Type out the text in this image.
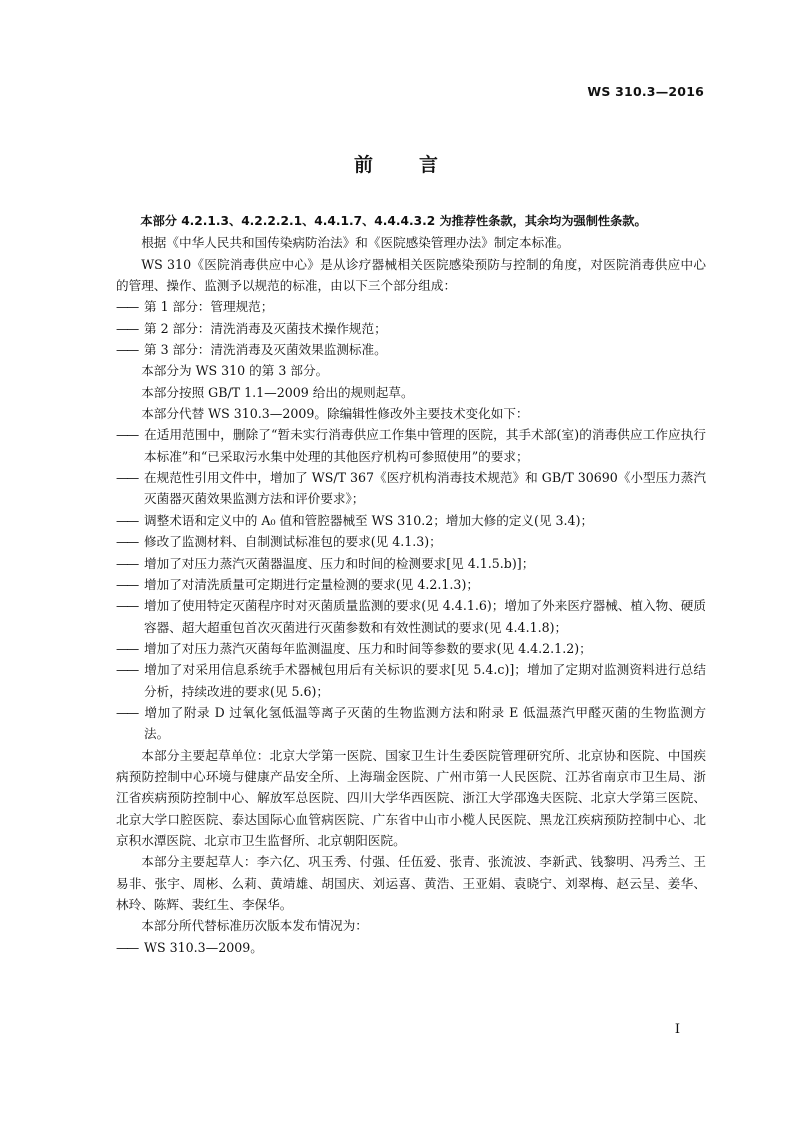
WS 310.3—2016
前 言

本部分 4.2.1.3、4.2.2.2.1、4.4.1.7、4.4.4.3.2 为推荐性条款，其余均为强制性条款。

根据《中华人民共和国传染病防治法》和《医院感染管理办法》制定本标准。

WS 310《医院消毒供应中心》是从诊疗器械相关医院感染预防与控制的角度，对医院消毒供应中心的管理、操作、监测予以规范的标准，由以下三个部分组成：

—— 第 1 部分：管理规范；

—— 第 2 部分：清洗消毒及灭菌技术操作规范；

—— 第 3 部分：清洗消毒及灭菌效果监测标准。

本部分为 WS 310 的第 3 部分。

本部分按照 GB/T 1.1—2009 给出的规则起草。

本部分代替 WS 310.3—2009。除编辑性修改外主要技术变化如下：

—— 在适用范围中，删除了“暂未实行消毒供应工作集中管理的医院，其手术部(室)的消毒供应工作应执行本标准”和“已采取污水集中处理的其他医疗机构可参照使用”的要求；

—— 在规范性引用文件中，增加了 WS/T 367《医疗机构消毒技术规范》和 GB/T 30690《小型压力蒸汽灭菌器灭菌效果监测方法和评价要求》；

—— 调整术语和定义中的 A₀ 值和管腔器械至 WS 310.2；增加大修的定义(见 3.4)；

—— 修改了监测材料、自制测试标准包的要求(见 4.1.3)；

—— 增加了对压力蒸汽灭菌器温度、压力和时间的检测要求[见 4.1.5.b)]；

—— 增加了对清洗质量可定期进行定量检测的要求(见 4.2.1.3)；

—— 增加了使用特定灭菌程序时对灭菌质量监测的要求(见 4.4.1.6)；增加了外来医疗器械、植入物、硬质容器、超大超重包首次灭菌进行灭菌参数和有效性测试的要求(见 4.4.1.8)；

—— 增加了对压力蒸汽灭菌每年监测温度、压力和时间等参数的要求(见 4.4.2.1.2)；

—— 增加了对采用信息系统手术器械包用后有关标识的要求[见 5.4.c)]；增加了定期对监测资料进行总结分析，持续改进的要求(见 5.6)；

—— 增加了附录 D 过氧化氢低温等离子灭菌的生物监测方法和附录 E 低温蒸汽甲醛灭菌的生物监测方法。

本部分主要起草单位：北京大学第一医院、国家卫生计生委医院管理研究所、北京协和医院、中国疾病预防控制中心环境与健康产品安全所、上海瑞金医院、广州市第一人民医院、江苏省南京市卫生局、浙江省疾病预防控制中心、解放军总医院、四川大学华西医院、浙江大学邵逸夫医院、北京大学第三医院、北京大学口腔医院、泰达国际心血管病医院、广东省中山市小榄人民医院、黑龙江疾病预防控制中心、北京积水潭医院、北京市卫生监督所、北京朝阳医院。

本部分主要起草人：李六亿、巩玉秀、付强、任伍爱、张青、张流波、李新武、钱黎明、冯秀兰、王易非、张宇、周彬、么莉、黄靖雄、胡国庆、刘运喜、黄浩、王亚娟、袁晓宁、刘翠梅、赵云呈、姜华、林玲、陈辉、裴红生、李保华。

本部分所代替标准历次版本发布情况为：

—— WS 310.3—2009。

I
